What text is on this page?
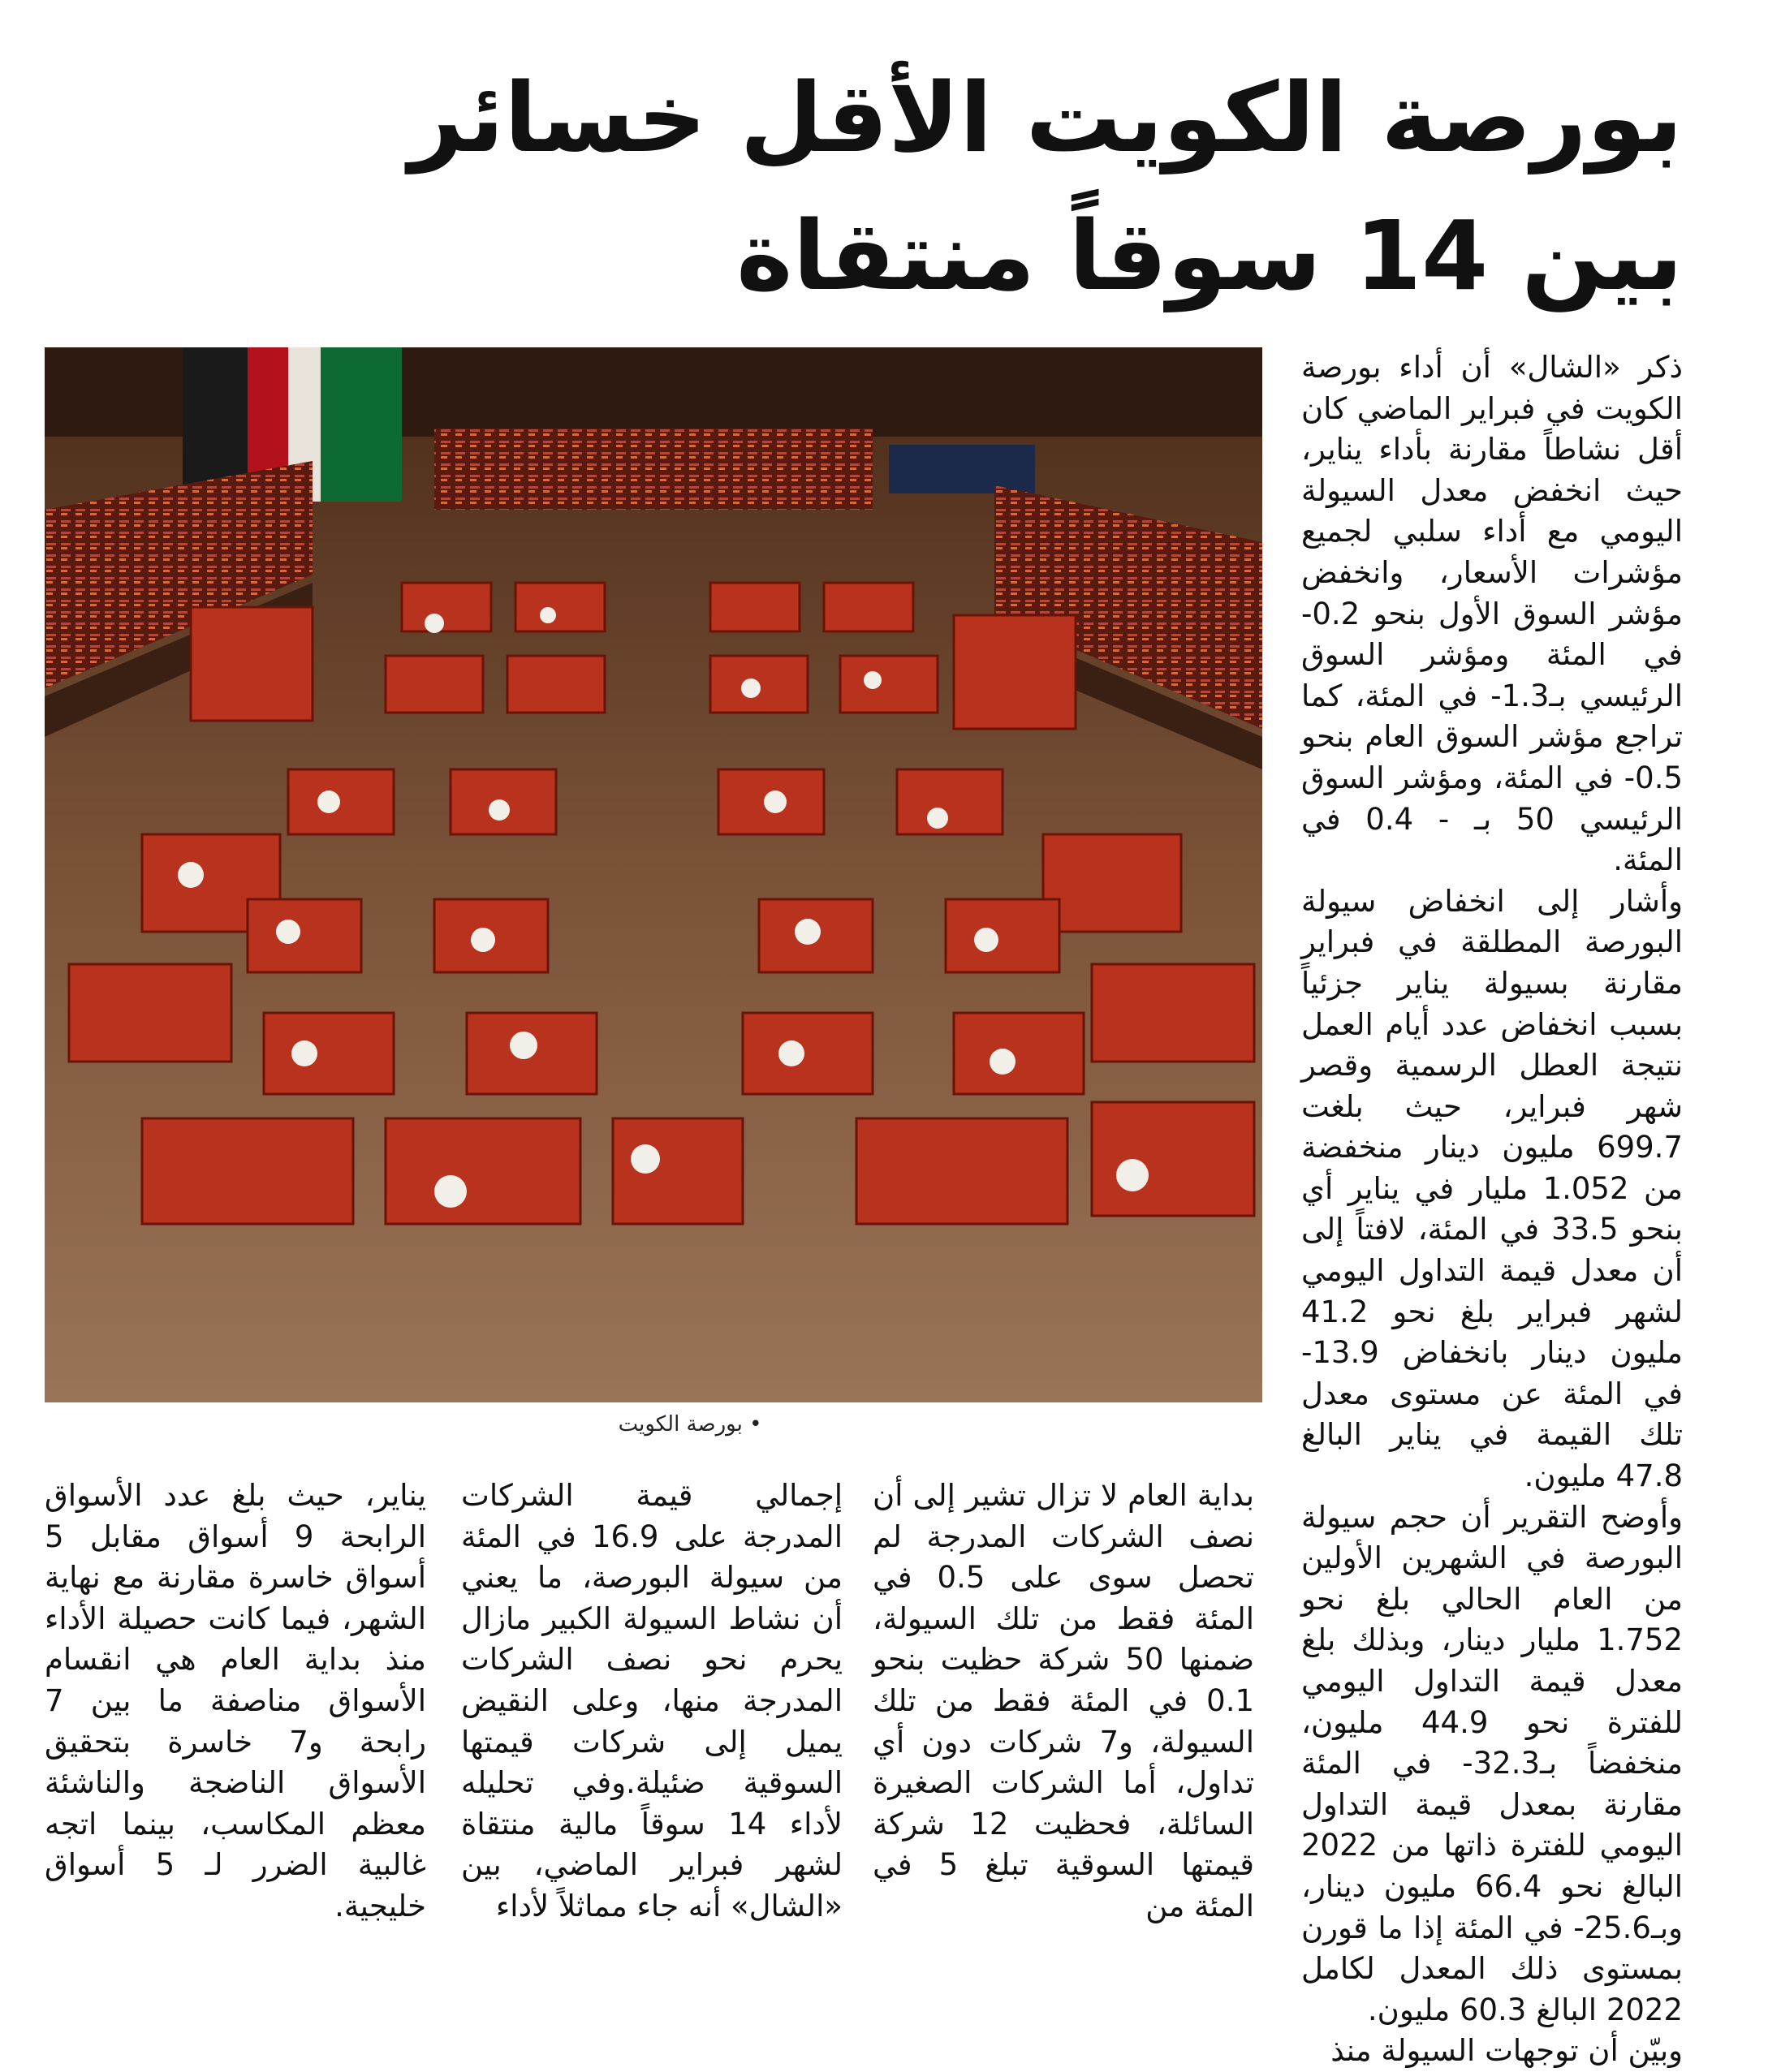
بورصة الكويت الأقل خسائر
بين 14 سوقاً منتقاة
• بورصة الكويت

ذكر «الشال» أن أداء بورصة الكويت في فبراير الماضي كان أقل نشاطاً مقارنة بأداء يناير، حيث انخفض معدل السيولة اليومي مع أداء سلبي لجميع مؤشرات الأسعار، وانخفض مؤشر السوق الأول بنحو 0.2- في المئة ومؤشر السوق الرئيسي بـ1.3- في المئة، كما تراجع مؤشر السوق العام بنحو 0.5- في المئة، ومؤشر السوق الرئيسي 50 بـ - 0.4 في المئة.

وأشار إلى انخفاض سيولة البورصة المطلقة في فبراير مقارنة بسيولة يناير جزئياً بسبب انخفاض عدد أيام العمل نتيجة العطل الرسمية وقصر شهر فبراير، حيث بلغت 699.7 مليون دينار منخفضة من 1.052 مليار في يناير أي بنحو 33.5 في المئة، لافتاً إلى أن معدل قيمة التداول اليومي لشهر فبراير بلغ نحو 41.2 مليون دينار بانخفاض 13.9- في المئة عن مستوى معدل تلك القيمة في يناير البالغ 47.8 مليون.

وأوضح التقرير أن حجم سيولة البورصة في الشهرين الأولين من العام الحالي بلغ نحو 1.752 مليار دينار، وبذلك بلغ معدل قيمة التداول اليومي للفترة نحو 44.9 مليون، منخفضاً بـ32.3- في المئة مقارنة بمعدل قيمة التداول اليومي للفترة ذاتها من 2022 البالغ نحو 66.4 مليون دينار، وبـ25.6- في المئة إذا ما قورن بمستوى ذلك المعدل لكامل 2022 البالغ 60.3 مليون.

وبيّن أن توجهات السيولة منذ

بداية العام لا تزال تشير إلى أن نصف الشركات المدرجة لم تحصل سوى على 0.5 في المئة فقط من تلك السيولة، ضمنها 50 شركة حظيت بنحو 0.1 في المئة فقط من تلك السيولة، و7 شركات دون أي تداول، أما الشركات الصغيرة السائلة، فحظيت 12 شركة قيمتها السوقية تبلغ 5 في المئة من

إجمالي قيمة الشركات المدرجة على 16.9 في المئة من سيولة البورصة، ما يعني أن نشاط السيولة الكبير مازال يحرم نحو نصف الشركات المدرجة منها، وعلى النقيض يميل إلى شركات قيمتها السوقية ضئيلة.وفي تحليله لأداء 14 سوقاً مالية منتقاة لشهر فبراير الماضي، بين «الشال» أنه جاء مماثلاً لأداء

يناير، حيث بلغ عدد الأسواق الرابحة 9 أسواق مقابل 5 أسواق خاسرة مقارنة مع نهاية الشهر، فيما كانت حصيلة الأداء منذ بداية العام هي انقسام الأسواق مناصفة ما بين 7 رابحة و7 خاسرة بتحقيق الأسواق الناضجة والناشئة معظم المكاسب، بينما اتجه غالبية الضرر لـ 5 أسواق خليجية.
